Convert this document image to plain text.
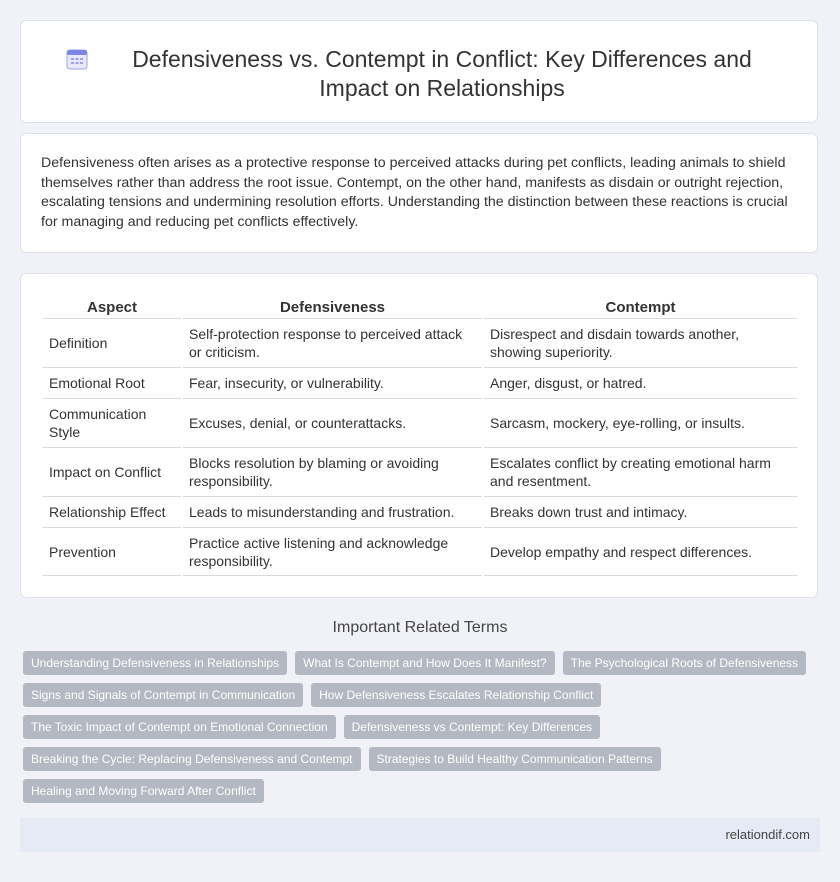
Defensiveness vs. Contempt in Conflict: Key Differences and Impact on Relationships

Defensiveness often arises as a protective response to perceived attacks during pet conflicts, leading animals to shield themselves rather than address the root issue. Contempt, on the other hand, manifests as disdain or outright rejection, escalating tensions and undermining resolution efforts. Understanding the distinction between these reactions is crucial for managing and reducing pet conflicts effectively.

Aspect	Defensiveness	Contempt
Definition	Self-protection response to perceived attack or criticism.	Disrespect and disdain towards another, showing superiority.
Emotional Root	Fear, insecurity, or vulnerability.	Anger, disgust, or hatred.
Communication Style	Excuses, denial, or counterattacks.	Sarcasm, mockery, eye-rolling, or insults.
Impact on Conflict	Blocks resolution by blaming or avoiding responsibility.	Escalates conflict by creating emotional harm and resentment.
Relationship Effect	Leads to misunderstanding and frustration.	Breaks down trust and intimacy.
Prevention	Practice active listening and acknowledge responsibility.	Develop empathy and respect differences.
Important Related Terms
Understanding Defensiveness in Relationships	What Is Contempt and How Does It Manifest?	The Psychological Roots of Defensiveness
Signs and Signals of Contempt in Communication	How Defensiveness Escalates Relationship Conflict
The Toxic Impact of Contempt on Emotional Connection	Defensiveness vs Contempt: Key Differences
Breaking the Cycle: Replacing Defensiveness and Contempt	Strategies to Build Healthy Communication Patterns
Healing and Moving Forward After Conflict
relationdif.com
